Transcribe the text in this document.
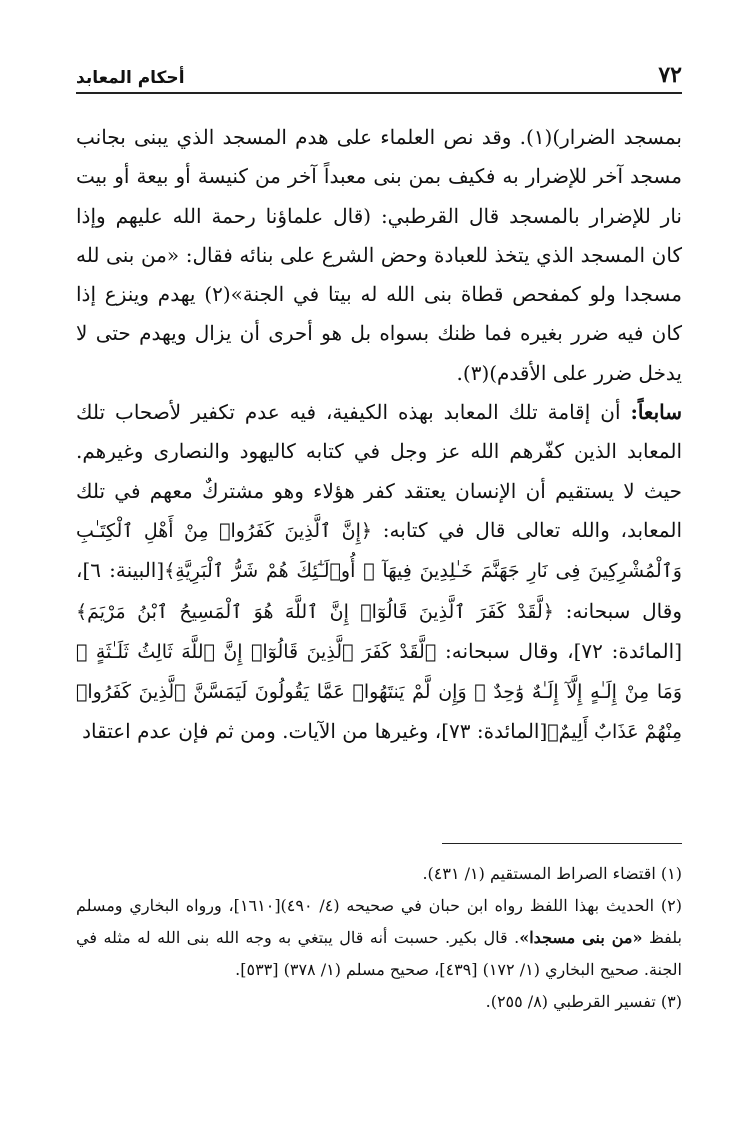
٧٢
أحكام المعابد

بمسجد الضرار)(١). وقد نص العلماء على هدم المسجد الذي يبنى بجانب مسجد آخر للإضرار به فكيف بمن بنى معبداً آخر من كنيسة أو بيعة أو بيت نار للإضرار بالمسجد قال القرطبي: (قال علماؤنا رحمة الله عليهم وإذا كان المسجد الذي يتخذ للعبادة وحض الشرع على بنائه فقال: «من بنى لله مسجدا ولو كمفحص قطاة بنى الله له بيتا في الجنة»(٢) يهدم وينزع إذا كان فيه ضرر بغيره فما ظنك بسواه بل هو أحرى أن يزال ويهدم حتى لا يدخل ضرر على الأقدم)(٣).

سابعاً: أن إقامة تلك المعابد بهذه الكيفية، فيه عدم تكفير لأصحاب تلك المعابد الذين كفّرهم الله عز وجل في كتابه كاليهود والنصارى وغيرهم. حيث لا يستقيم أن الإنسان يعتقد كفر هؤلاء وهو مشتركٌ معهم في تلك المعابد، والله تعالى قال في كتابه: ﴿إِنَّ ٱلَّذِينَ كَفَرُوا۟ مِنْ أَهْلِ ٱلْكِتَـٰبِ وَٱلْمُشْرِكِينَ فِى نَارِ جَهَنَّمَ خَـٰلِدِينَ فِيهَآ ۚ أُو۟لَـٰٓئِكَ هُمْ شَرُّ ٱلْبَرِيَّةِ﴾[البينة: ٦]، وقال سبحانه: ﴿لَّقَدْ كَفَرَ ٱلَّذِينَ قَالُوٓا۟ إِنَّ ٱللَّهَ هُوَ ٱلْمَسِيحُ ٱبْنُ مَرْيَمَ﴾[المائدة: ٧٢]، وقال سبحانه: ﴿لَّقَدْ كَفَرَ ٱلَّذِينَ قَالُوٓا۟ إِنَّ ٱللَّهَ ثَالِثُ ثَلَـٰثَةٍ ۘ وَمَا مِنْ إِلَـٰهٍ إِلَّآ إِلَـٰهٌ وَٰحِدٌ ۚ وَإِن لَّمْ يَنتَهُوا۟ عَمَّا يَقُولُونَ لَيَمَسَّنَّ ٱلَّذِينَ كَفَرُوا۟ مِنْهُمْ عَذَابٌ أَلِيمٌ﴾[المائدة: ٧٣]، وغيرها من الآيات. ومن ثم فإن عدم اعتقاد

(١) اقتضاء الصراط المستقيم (١/ ٤٣١).

(٢) الحديث بهذا اللفظ رواه ابن حبان في صحيحه (٤/ ٤٩٠)[١٦١٠]، ورواه البخاري ومسلم بلفظ «من بنى مسجدا». قال بكير. حسبت أنه قال يبتغي به وجه الله بنى الله له مثله في الجنة. صحيح البخاري (١/ ١٧٢) [٤٣٩]، صحيح مسلم (١/ ٣٧٨) [٥٣٣].

(٣) تفسير القرطبي (٨/ ٢٥٥).
